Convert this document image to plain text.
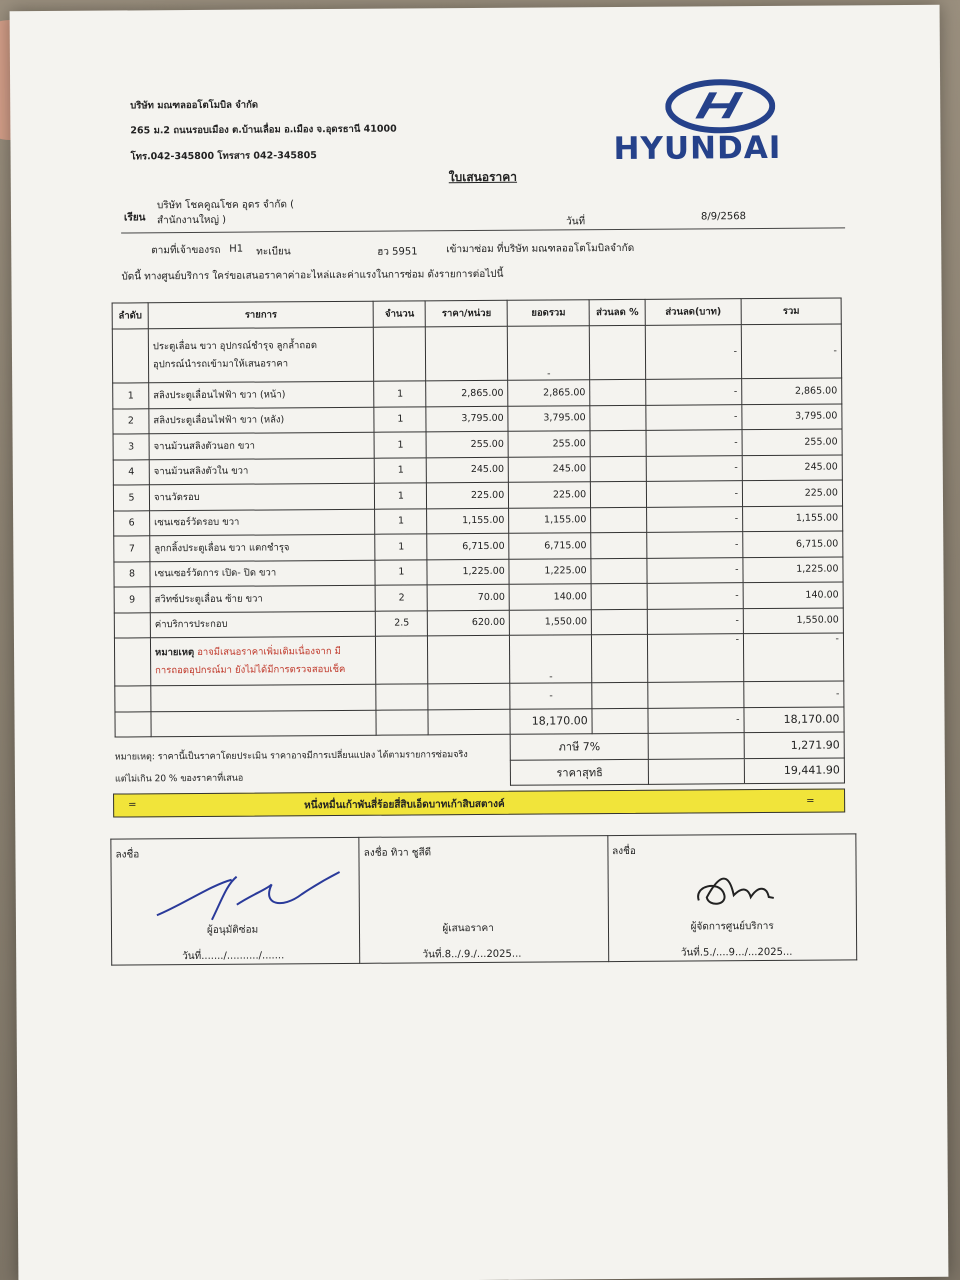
บริษัท มณฑลออโตโมบิล จำกัด
265 ม.2 ถนนรอบเมือง ต.บ้านเลื่อม อ.เมือง จ.อุดรธานี 41000
โทร.042-345800 โทรสาร 042-345805	HYUNDAI
ใบเสนอราคา
เรียน
บริษัท โชคคูณโชค อุดร จำกัด (
สำนักงานใหญ่ )	วันที่	8/9/2568
ตามที่เจ้าของรถ H1 ทะเบียน	ฮว 5951	เข้ามาซ่อม ที่บริษัท มณฑลออโตโมบิลจำกัด
บัดนี้ ทางศูนย์บริการ ใคร่ขอเสนอราคาค่าอะไหล่และค่าแรงในการซ่อม ดังรายการต่อไปนี้
ลำดับ	รายการ	จำนวน	ราคา/หน่วย	ยอดรวม	ส่วนลด %	ส่วนลด(บาท)	รวม
	ประตูเลื่อน ขวา อุปกรณ์ชำรุจ ลูกล้ำถอด
อุปกรณ์นำรถเข้ามาให้เสนอราคา			-		-	-
1	สลิงประตูเลื่อนไฟฟ้า ขวา (หน้า)	1	2,865.00	2,865.00		-	2,865.00
2	สลิงประตูเลื่อนไฟฟ้า ขวา (หลัง)	1	3,795.00	3,795.00		-	3,795.00
3	จานม้วนสลิงตัวนอก ขวา	1	255.00	255.00		-	255.00
4	จานม้วนสลิงตัวใน ขวา	1	245.00	245.00		-	245.00
5	จานวัดรอบ	1	225.00	225.00		-	225.00
6	เซนเซอร์วัดรอบ ขวา	1	1,155.00	1,155.00		-	1,155.00
7	ลูกกลิ้งประตูเลื่อน ขวา แตกชำรุจ	1	6,715.00	6,715.00		-	6,715.00
8	เซนเซอร์วัดการ เปิด- ปิด ขวา	1	1,225.00	1,225.00		-	1,225.00
9	สวิทซ์ประตูเลื่อน ซ้าย ขวา	2	70.00	140.00		-	140.00
	ค่าบริการประกอบ	2.5	620.00	1,550.00		-	1,550.00
	หมายเหตุ อาจมีเสนอราคาเพิ่มเติมเนื่องจาก มี
การถอดอุปกรณ์มา ยังไม่ได้มีการตรวจสอบเช็ค			-		-	-
				-			-
				18,170.00		-	18,170.00
				ภาษี 7%			1,271.90
				ราคาสุทธิ			19,441.90
หมายเหตุ: ราคานี้เป็นราคาโดยประเมิน ราคาอาจมีการเปลี่ยนแปลง ได้ตามรายการซ่อมจริง
แต่ไม่เกิน 20 % ของราคาที่เสนอ
=	หนึ่งหมื่นเก้าพันสี่ร้อยสี่สิบเอ็ดบาทเก้าสิบสตางค์	=
ลงชื่อ
ผู้อนุมัติซ่อม
วันที่......./........../.......

ลงชื่อ ทิวา ชูสีดี
ผู้เสนอราคา
วันที่.8../.9./...2025...

ลงชื่อ
ผู้จัดการศูนย์บริการ
วันที่.5./....9.../...2025...
